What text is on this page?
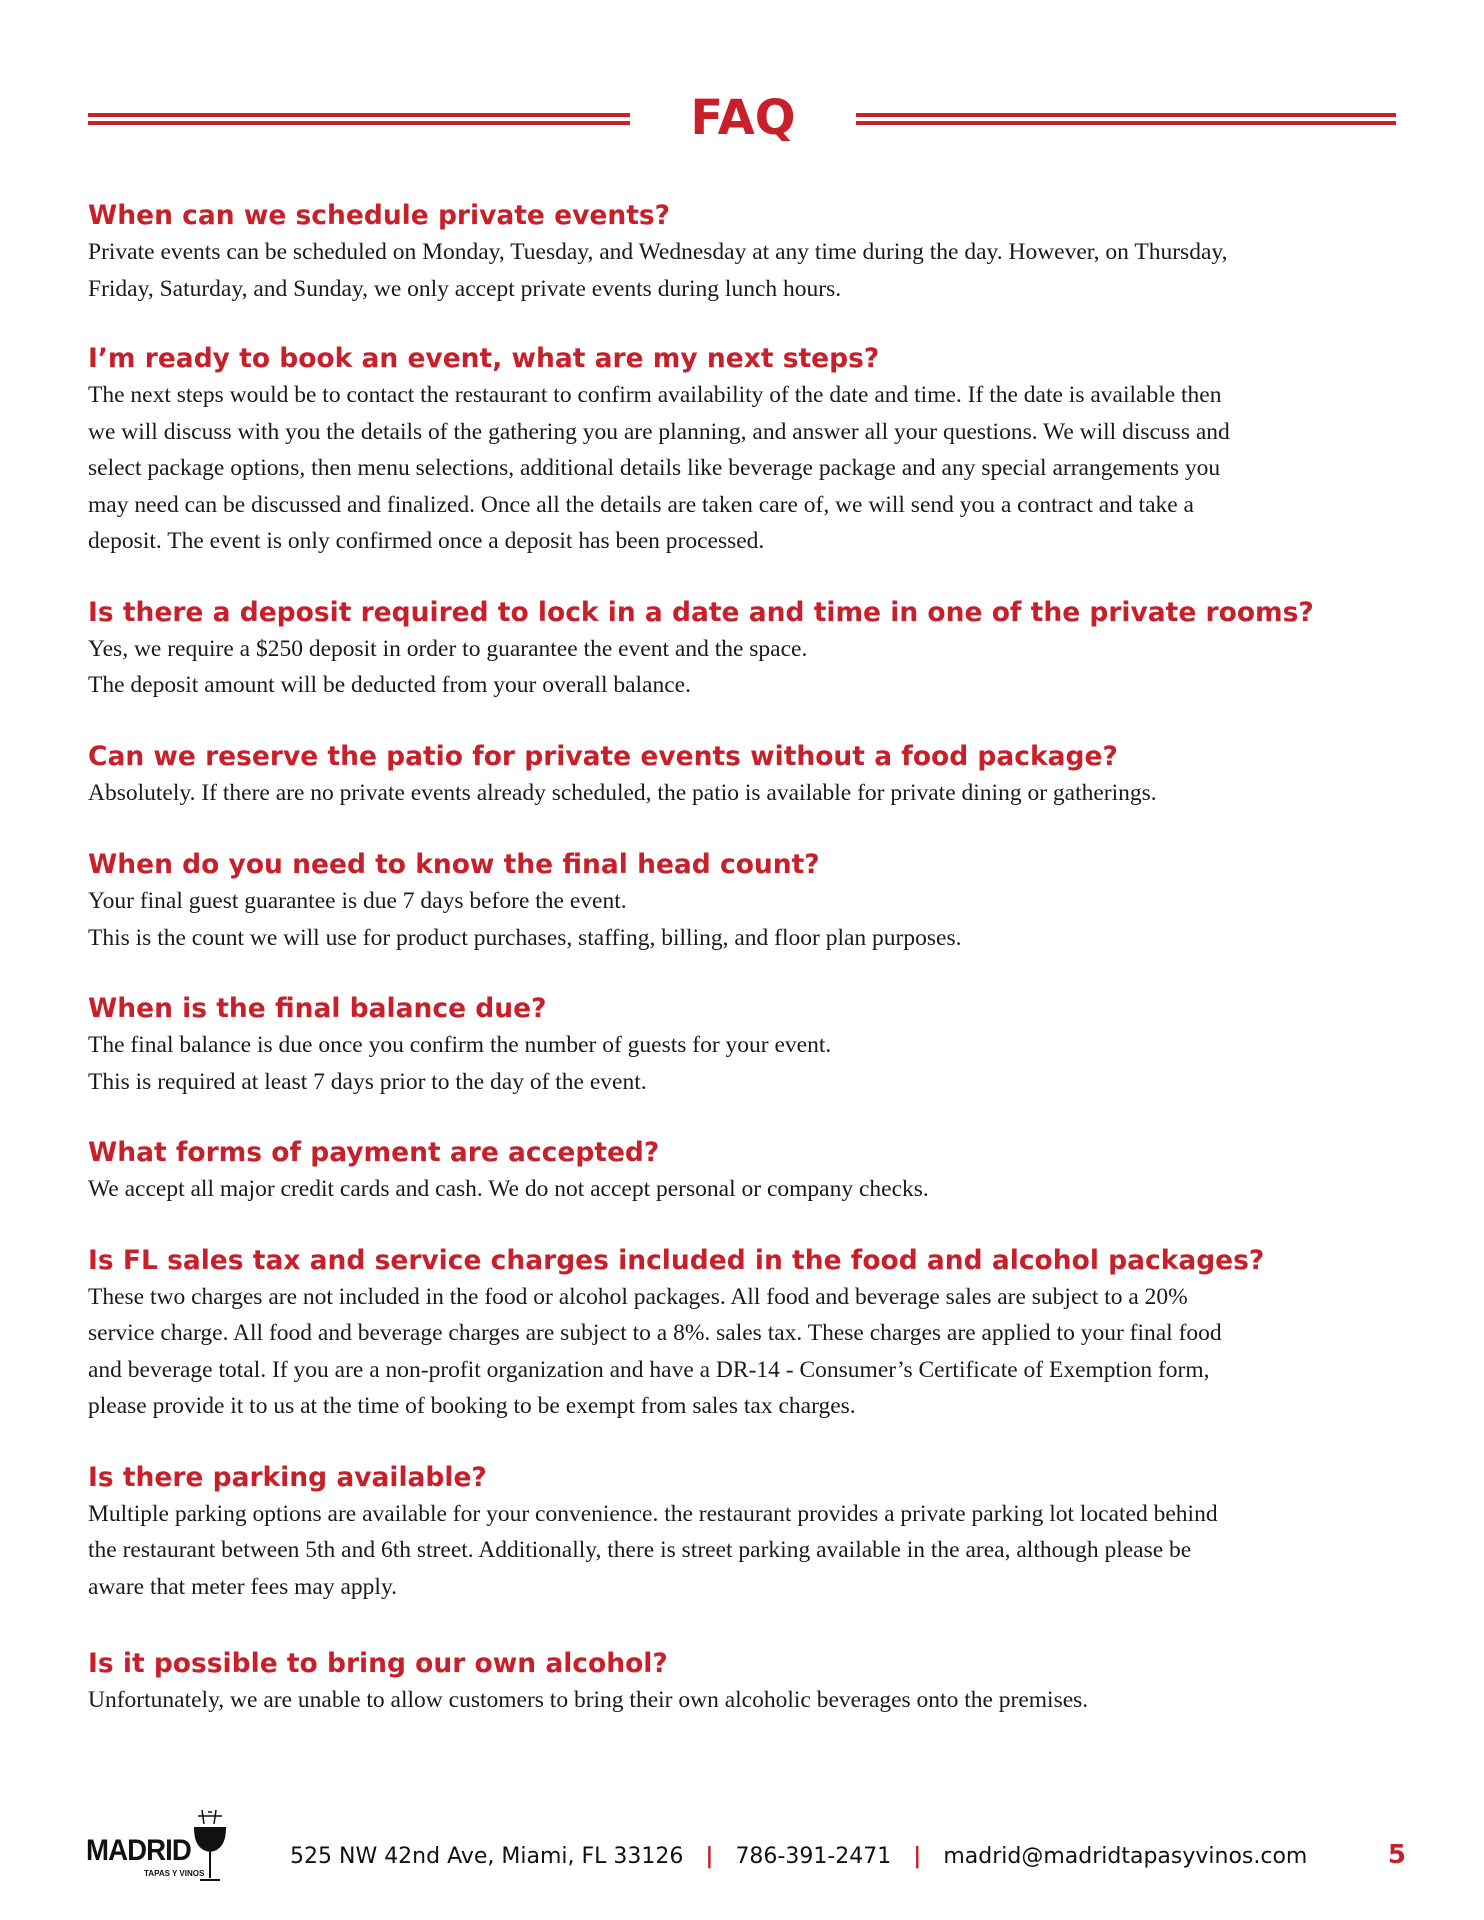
FAQ

When can we schedule private events?

Private events can be scheduled on Monday, Tuesday, and Wednesday at any time during the day. However, on Thursday,
Friday, Saturday, and Sunday, we only accept private events during lunch hours.

I’m ready to book an event, what are my next steps?

The next steps would be to contact the restaurant to confirm availability of the date and time. If the date is available then
we will discuss with you the details of the gathering you are planning, and answer all your questions. We will discuss and
select package options, then menu selections, additional details like beverage package and any special arrangements you
may need can be discussed and finalized. Once all the details are taken care of, we will send you a contract and take a
deposit. The event is only confirmed once a deposit has been processed.

Is there a deposit required to lock in a date and time in one of the private rooms?

Yes, we require a $250 deposit in order to guarantee the event and the space.
The deposit amount will be deducted from your overall balance.

Can we reserve the patio for private events without a food package?

Absolutely. If there are no private events already scheduled, the patio is available for private dining or gatherings.

When do you need to know the final head count?

Your final guest guarantee is due 7 days before the event.
This is the count we will use for product purchases, staffing, billing, and floor plan purposes.

When is the final balance due?

The final balance is due once you confirm the number of guests for your event.
This is required at least 7 days prior to the day of the event.

What forms of payment are accepted?

We accept all major credit cards and cash. We do not accept personal or company checks.

Is FL sales tax and service charges included in the food and alcohol packages?

These two charges are not included in the food or alcohol packages. All food and beverage sales are subject to a 20%
service charge. All food and beverage charges are subject to a 8%. sales tax. These charges are applied to your final food
and beverage total. If you are a non-profit organization and have a DR-14 - Consumer’s Certificate of Exemption form,
please provide it to us at the time of booking to be exempt from sales tax charges.

Is there parking available?

Multiple parking options are available for your convenience. the restaurant provides a private parking lot located behind
the restaurant between 5th and 6th street. Additionally, there is street parking available in the area, although please be
aware that meter fees may apply.

Is it possible to bring our own alcohol?

Unfortunately, we are unable to allow customers to bring their own alcoholic beverages onto the premises.

MADRID
TAPAS Y VINOS
525 NW 42nd Ave, Miami, FL 33126 | 786-391-2471 | madrid@madridtapasyvinos.com	5
